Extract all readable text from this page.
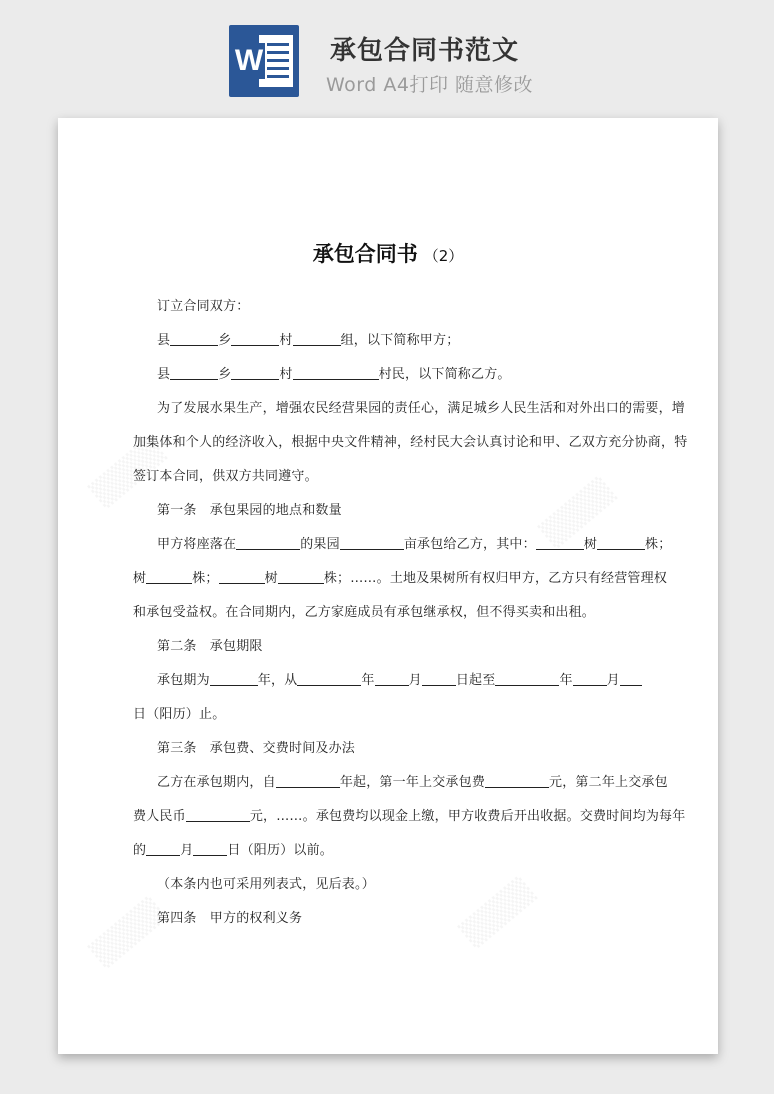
W	承包合同书范文
Word A4打印 随意修改
承包合同书 （2）
订立合同双方：
县	乡	村	组，以下简称甲方；
县	乡	村	村民，以下简称乙方。
为了发展水果生产，增强农民经营果园的责任心，满足城乡人民生活和对外出口的需要，增
加集体和个人的经济收入，根据中央文件精神，经村民大会认真讨论和甲、乙双方充分协商，特
签订本合同，供双方共同遵守。
第一条　承包果园的地点和数量
甲方将座落在	的果园	亩承包给乙方，其中：	树	株；
树	株；	树	株；……。土地及果树所有权归甲方，乙方只有经营管理权
和承包受益权。在合同期内，乙方家庭成员有承包继承权，但不得买卖和出租。
第二条　承包期限
承包期为	年，从	年	月	日起至	年	月
日（阳历）止。
第三条　承包费、交费时间及办法
乙方在承包期内，自	年起，第一年上交承包费	元，第二年上交承包
费人民币	元，……。承包费均以现金上缴，甲方收费后开出收据。交费时间均为每年
的	月	日（阳历）以前。
（本条内也可采用列表式，见后表。）
第四条　甲方的权利义务
